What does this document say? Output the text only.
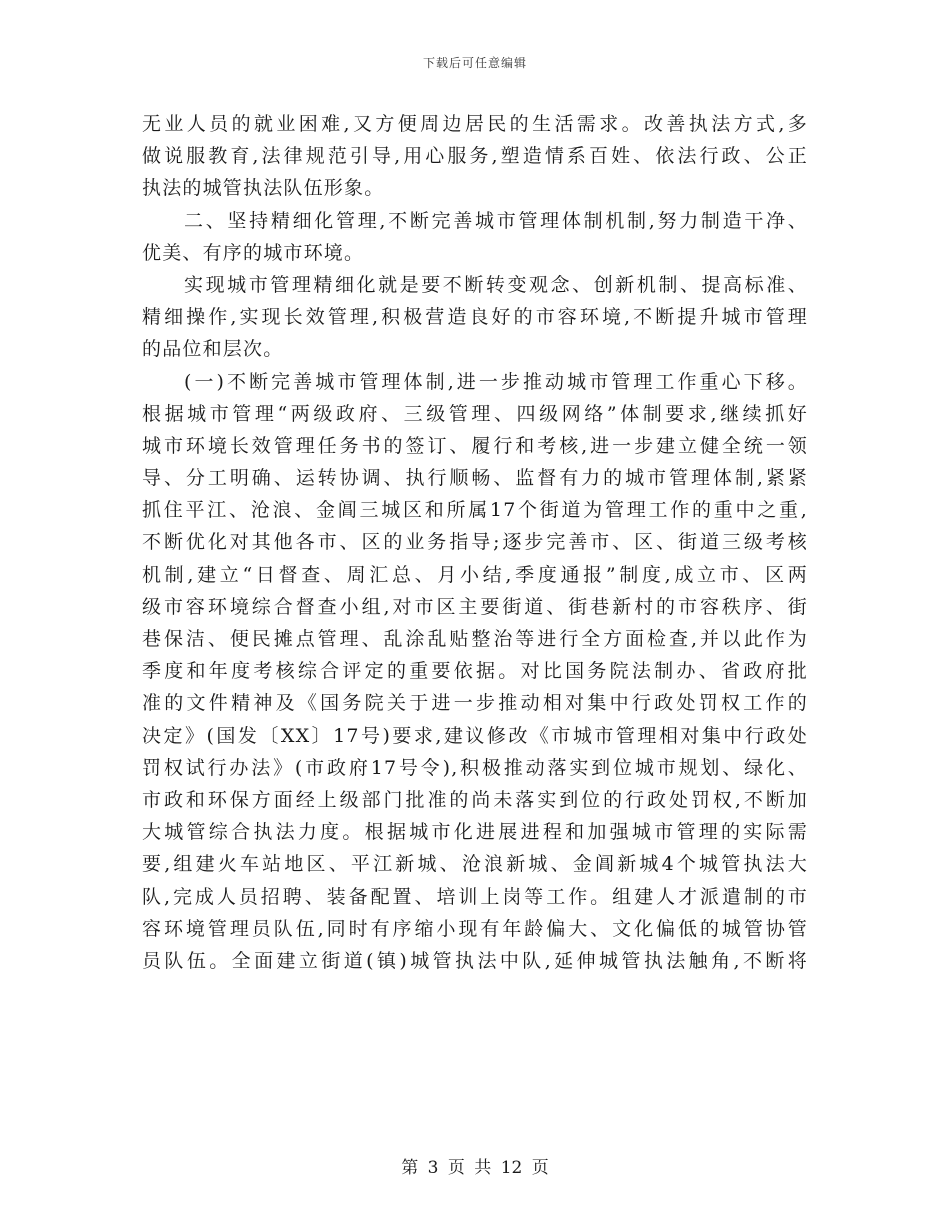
下载后可任意编辑
无业人员的就业困难,又方便周边居民的生活需求。改善执法方式,多
做说服教育,法律规范引导,用心服务,塑造情系百姓、依法行政、公正
执法的城管执法队伍形象。
二、坚持精细化管理,不断完善城市管理体制机制,努力制造干净、
优美、有序的城市环境。
实现城市管理精细化就是要不断转变观念、创新机制、提高标准、
精细操作,实现长效管理,积极营造良好的市容环境,不断提升城市管理
的品位和层次。
(一)不断完善城市管理体制,进一步推动城市管理工作重心下移。
根据城市管理“两级政府、三级管理、四级网络”体制要求,继续抓好
城市环境长效管理任务书的签订、履行和考核,进一步建立健全统一领
导、分工明确、运转协调、执行顺畅、监督有力的城市管理体制,紧紧
抓住平江、沧浪、金阊三城区和所属17个街道为管理工作的重中之重,
不断优化对其他各市、区的业务指导;逐步完善市、区、街道三级考核
机制,建立“日督查、周汇总、月小结,季度通报”制度,成立市、区两
级市容环境综合督查小组,对市区主要街道、街巷新村的市容秩序、街
巷保洁、便民摊点管理、乱涂乱贴整治等进行全方面检查,并以此作为
季度和年度考核综合评定的重要依据。对比国务院法制办、省政府批
准的文件精神及《国务院关于进一步推动相对集中行政处罚权工作的
决定》(国发〔XX〕17号)要求,建议修改《市城市管理相对集中行政处
罚权试行办法》(市政府17号令),积极推动落实到位城市规划、绿化、
市政和环保方面经上级部门批准的尚未落实到位的行政处罚权,不断加
大城管综合执法力度。根据城市化进展进程和加强城市管理的实际需
要,组建火车站地区、平江新城、沧浪新城、金阊新城4个城管执法大
队,完成人员招聘、装备配置、培训上岗等工作。组建人才派遣制的市
容环境管理员队伍,同时有序缩小现有年龄偏大、文化偏低的城管协管
员队伍。全面建立街道(镇)城管执法中队,延伸城管执法触角,不断将
第 3 页 共 12 页
